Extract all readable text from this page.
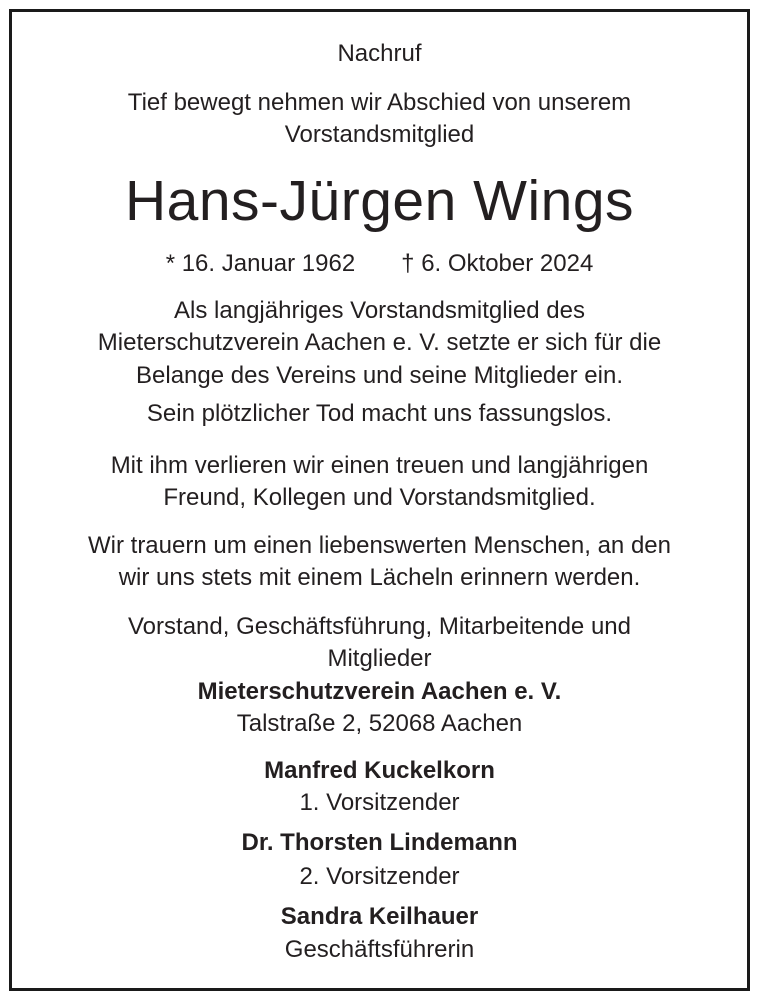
Nachruf
Tief bewegt nehmen wir Abschied von unserem
Vorstandsmitglied
Hans-Jürgen Wings
* 16. Januar 1962 † 6. Oktober 2024
Als langjähriges Vorstandsmitglied des
Mieterschutzverein Aachen e. V. setzte er sich für die
Belange des Vereins und seine Mitglieder ein.
Sein plötzlicher Tod macht uns fassungslos.
Mit ihm verlieren wir einen treuen und langjährigen
Freund, Kollegen und Vorstandsmitglied.
Wir trauern um einen liebenswerten Menschen, an den
wir uns stets mit einem Lächeln erinnern werden.
Vorstand, Geschäftsführung, Mitarbeitende und
Mitglieder
Mieterschutzverein Aachen e. V.
Talstraße 2, 52068 Aachen
Manfred Kuckelkorn
1. Vorsitzender
Dr. Thorsten Lindemann
2. Vorsitzender
Sandra Keilhauer
Geschäftsführerin
